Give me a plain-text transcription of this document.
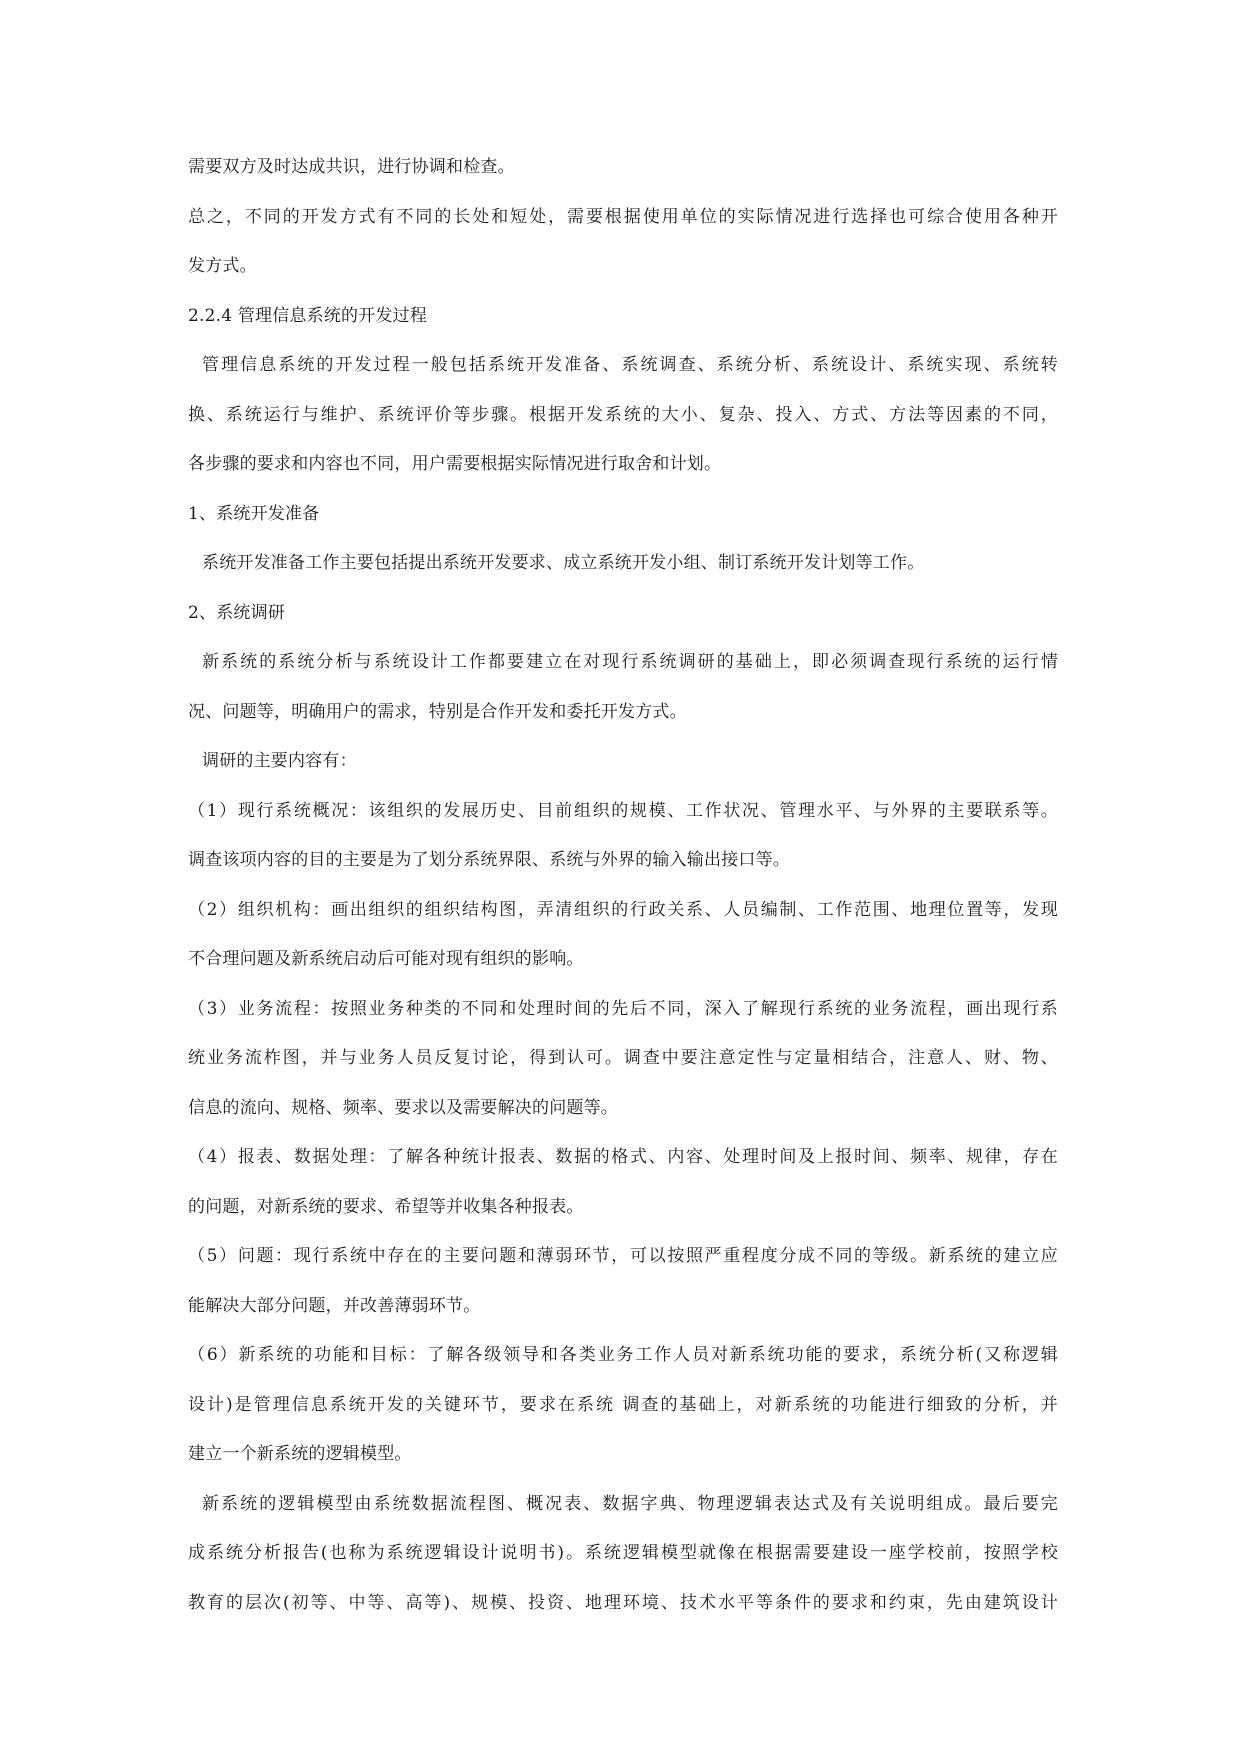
需要双方及时达成共识，进行协调和检查。
总之，不同的开发方式有不同的长处和短处，需要根据使用单位的实际情况进行选择也可综合使用各种开
发方式。
2.2.4 管理信息系统的开发过程
管理信息系统的开发过程一般包括系统开发准备、系统调查、系统分析、系统设计、系统实现、系统转
换、系统运行与维护、系统评价等步骤。根据开发系统的大小、复杂、投入、方式、方法等因素的不同，
各步骤的要求和内容也不同，用户需要根据实际情况进行取舍和计划。
1、系统开发准备
系统开发准备工作主要包括提出系统开发要求、成立系统开发小组、制订系统开发计划等工作。
2、系统调研
新系统的系统分析与系统设计工作都要建立在对现行系统调研的基础上，即必须调查现行系统的运行情
况、问题等，明确用户的需求，特别是合作开发和委托开发方式。
调研的主要内容有：
（1）现行系统概况：该组织的发展历史、目前组织的规模、工作状况、管理水平、与外界的主要联系等。
调查该项内容的目的主要是为了划分系统界限、系统与外界的输入输出接口等。
（2）组织机构：画出组织的组织结构图，弄清组织的行政关系、人员编制、工作范围、地理位置等，发现
不合理问题及新系统启动后可能对现有组织的影响。
（3）业务流程：按照业务种类的不同和处理时间的先后不同，深入了解现行系统的业务流程，画出现行系
统业务流柞图，并与业务人员反复讨论，得到认可。调查中要注意定性与定量相结合，注意人、财、物、
信息的流向、规格、频率、要求以及需要解决的问题等。
（4）报表、数据处理：了解各种统计报表、数据的格式、内容、处理时间及上报时间、频率、规律，存在
的问题，对新系统的要求、希望等并收集各种报表。
（5）问题：现行系统中存在的主要问题和薄弱环节，可以按照严重程度分成不同的等级。新系统的建立应
能解决大部分问题，并改善薄弱环节。
（6）新系统的功能和目标：了解各级领导和各类业务工作人员对新系统功能的要求，系统分析(又称逻辑
设计)是管理信息系统开发的关键环节，要求在系统 调查的基础上，对新系统的功能进行细致的分析，并
建立一个新系统的逻辑模型。
新系统的逻辑模型由系统数据流程图、概况表、数据字典、物理逻辑表达式及有关说明组成。最后要完
成系统分析报告(也称为系统逻辑设计说明书)。系统逻辑模型就像在根据需要建设一座学校前，按照学校
教育的层次(初等、中等、高等)、规模、投资、地理环境、技术水平等条件的要求和约束，先由建筑设计
